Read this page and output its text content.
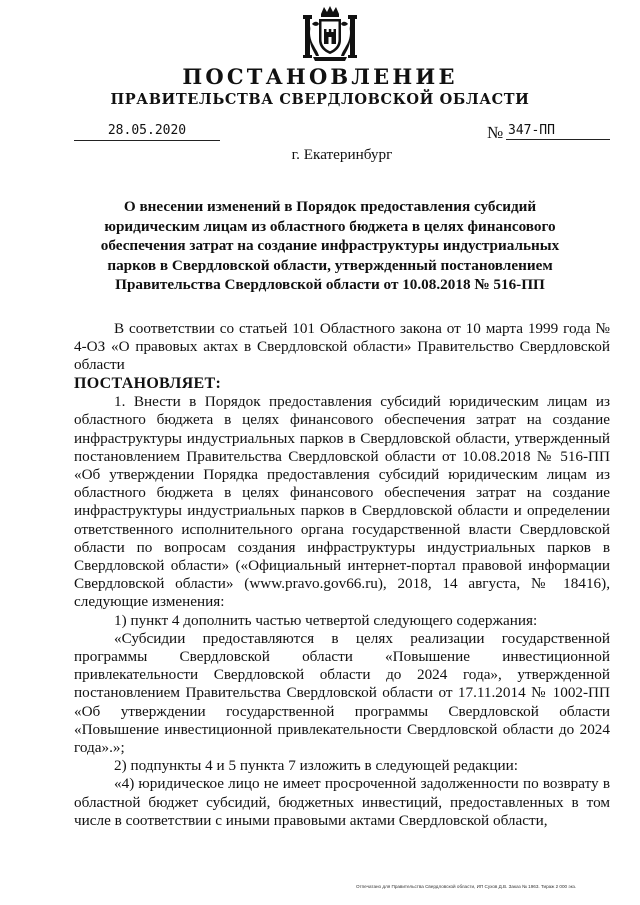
ПОСТАНОВЛЕНИЕ
ПРАВИТЕЛЬСТВА СВЕРДЛОВСКОЙ ОБЛАСТИ
28.05.2020	№ 347-ПП
г. Екатеринбург
О внесении изменений в Порядок предоставления субсидий юридическим лицам из областного бюджета в целях финансового обеспечения затрат на создание инфраструктуры индустриальных парков в Свердловской области, утвержденный постановлением Правительства Свердловской области от 10.08.2018 № 516-ПП

В соответствии со статьей 101 Областного закона от 10 марта 1999 года № 4-ОЗ «О правовых актах в Свердловской области» Правительство Свердловской области

ПОСТАНОВЛЯЕТ:

1. Внести в Порядок предоставления субсидий юридическим лицам из областного бюджета в целях финансового обеспечения затрат на создание инфраструктуры индустриальных парков в Свердловской области, утвержденный постановлением Правительства Свердловской области от 10.08.2018 № 516-ПП «Об утверждении Порядка предоставления субсидий юридическим лицам из областного бюджета в целях финансового обеспечения затрат на создание инфраструктуры индустриальных парков в Свердловской области и определении ответственного исполнительного органа государственной власти Свердловской области по вопросам создания инфраструктуры индустриальных парков в Свердловской области» («Официальный интернет-портал правовой информации Свердловской области» (www.pravo.gov66.ru), 2018, 14 августа, № 18416), следующие изменения:

1) пункт 4 дополнить частью четвертой следующего содержания:

«Субсидии предоставляются в целях реализации государственной программы Свердловской области «Повышение инвестиционной привлекательности Свердловской области до 2024 года», утвержденной постановлением Правительства Свердловской области от 17.11.2014 № 1002-ПП «Об утверждении государственной программы Свердловской области «Повышение инвестиционной привлекательности Свердловской области до 2024 года».»;

2) подпункты 4 и 5 пункта 7 изложить в следующей редакции:

«4) юридическое лицо не имеет просроченной задолженности по возврату в областной бюджет субсидий, бюджетных инвестиций, предоставленных в том числе в соответствии с иными правовыми актами Свердловской области,

Отпечатано для Правительства Свердловской области, ИП Сухов Д.В. Заказ № 1963. Тираж 2 000 экз.
